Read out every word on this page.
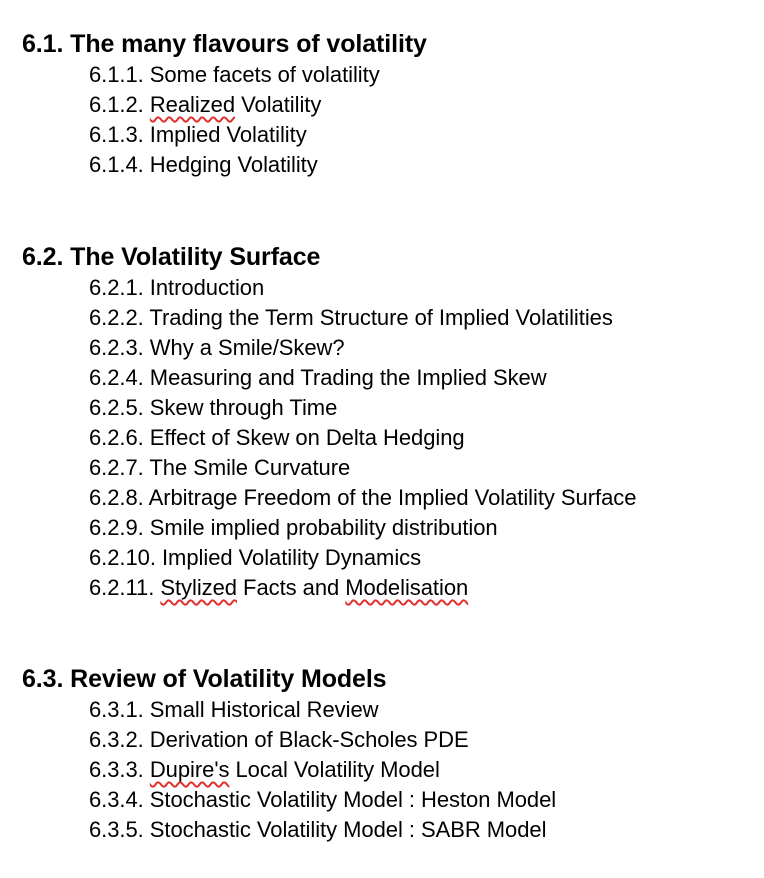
6.1. The many flavours of volatility
6.1.1. Some facets of volatility
6.1.2. Realized Volatility
6.1.3. Implied Volatility
6.1.4. Hedging Volatility
6.2. The Volatility Surface
6.2.1. Introduction
6.2.2. Trading the Term Structure of Implied Volatilities
6.2.3. Why a Smile/Skew?
6.2.4. Measuring and Trading the Implied Skew
6.2.5. Skew through Time
6.2.6. Effect of Skew on Delta Hedging
6.2.7. The Smile Curvature
6.2.8. Arbitrage Freedom of the Implied Volatility Surface
6.2.9. Smile implied probability distribution
6.2.10. Implied Volatility Dynamics
6.2.11. Stylized Facts and Modelisation
6.3. Review of Volatility Models
6.3.1. Small Historical Review
6.3.2. Derivation of Black-Scholes PDE
6.3.3. Dupire's Local Volatility Model
6.3.4. Stochastic Volatility Model : Heston Model
6.3.5. Stochastic Volatility Model : SABR Model
